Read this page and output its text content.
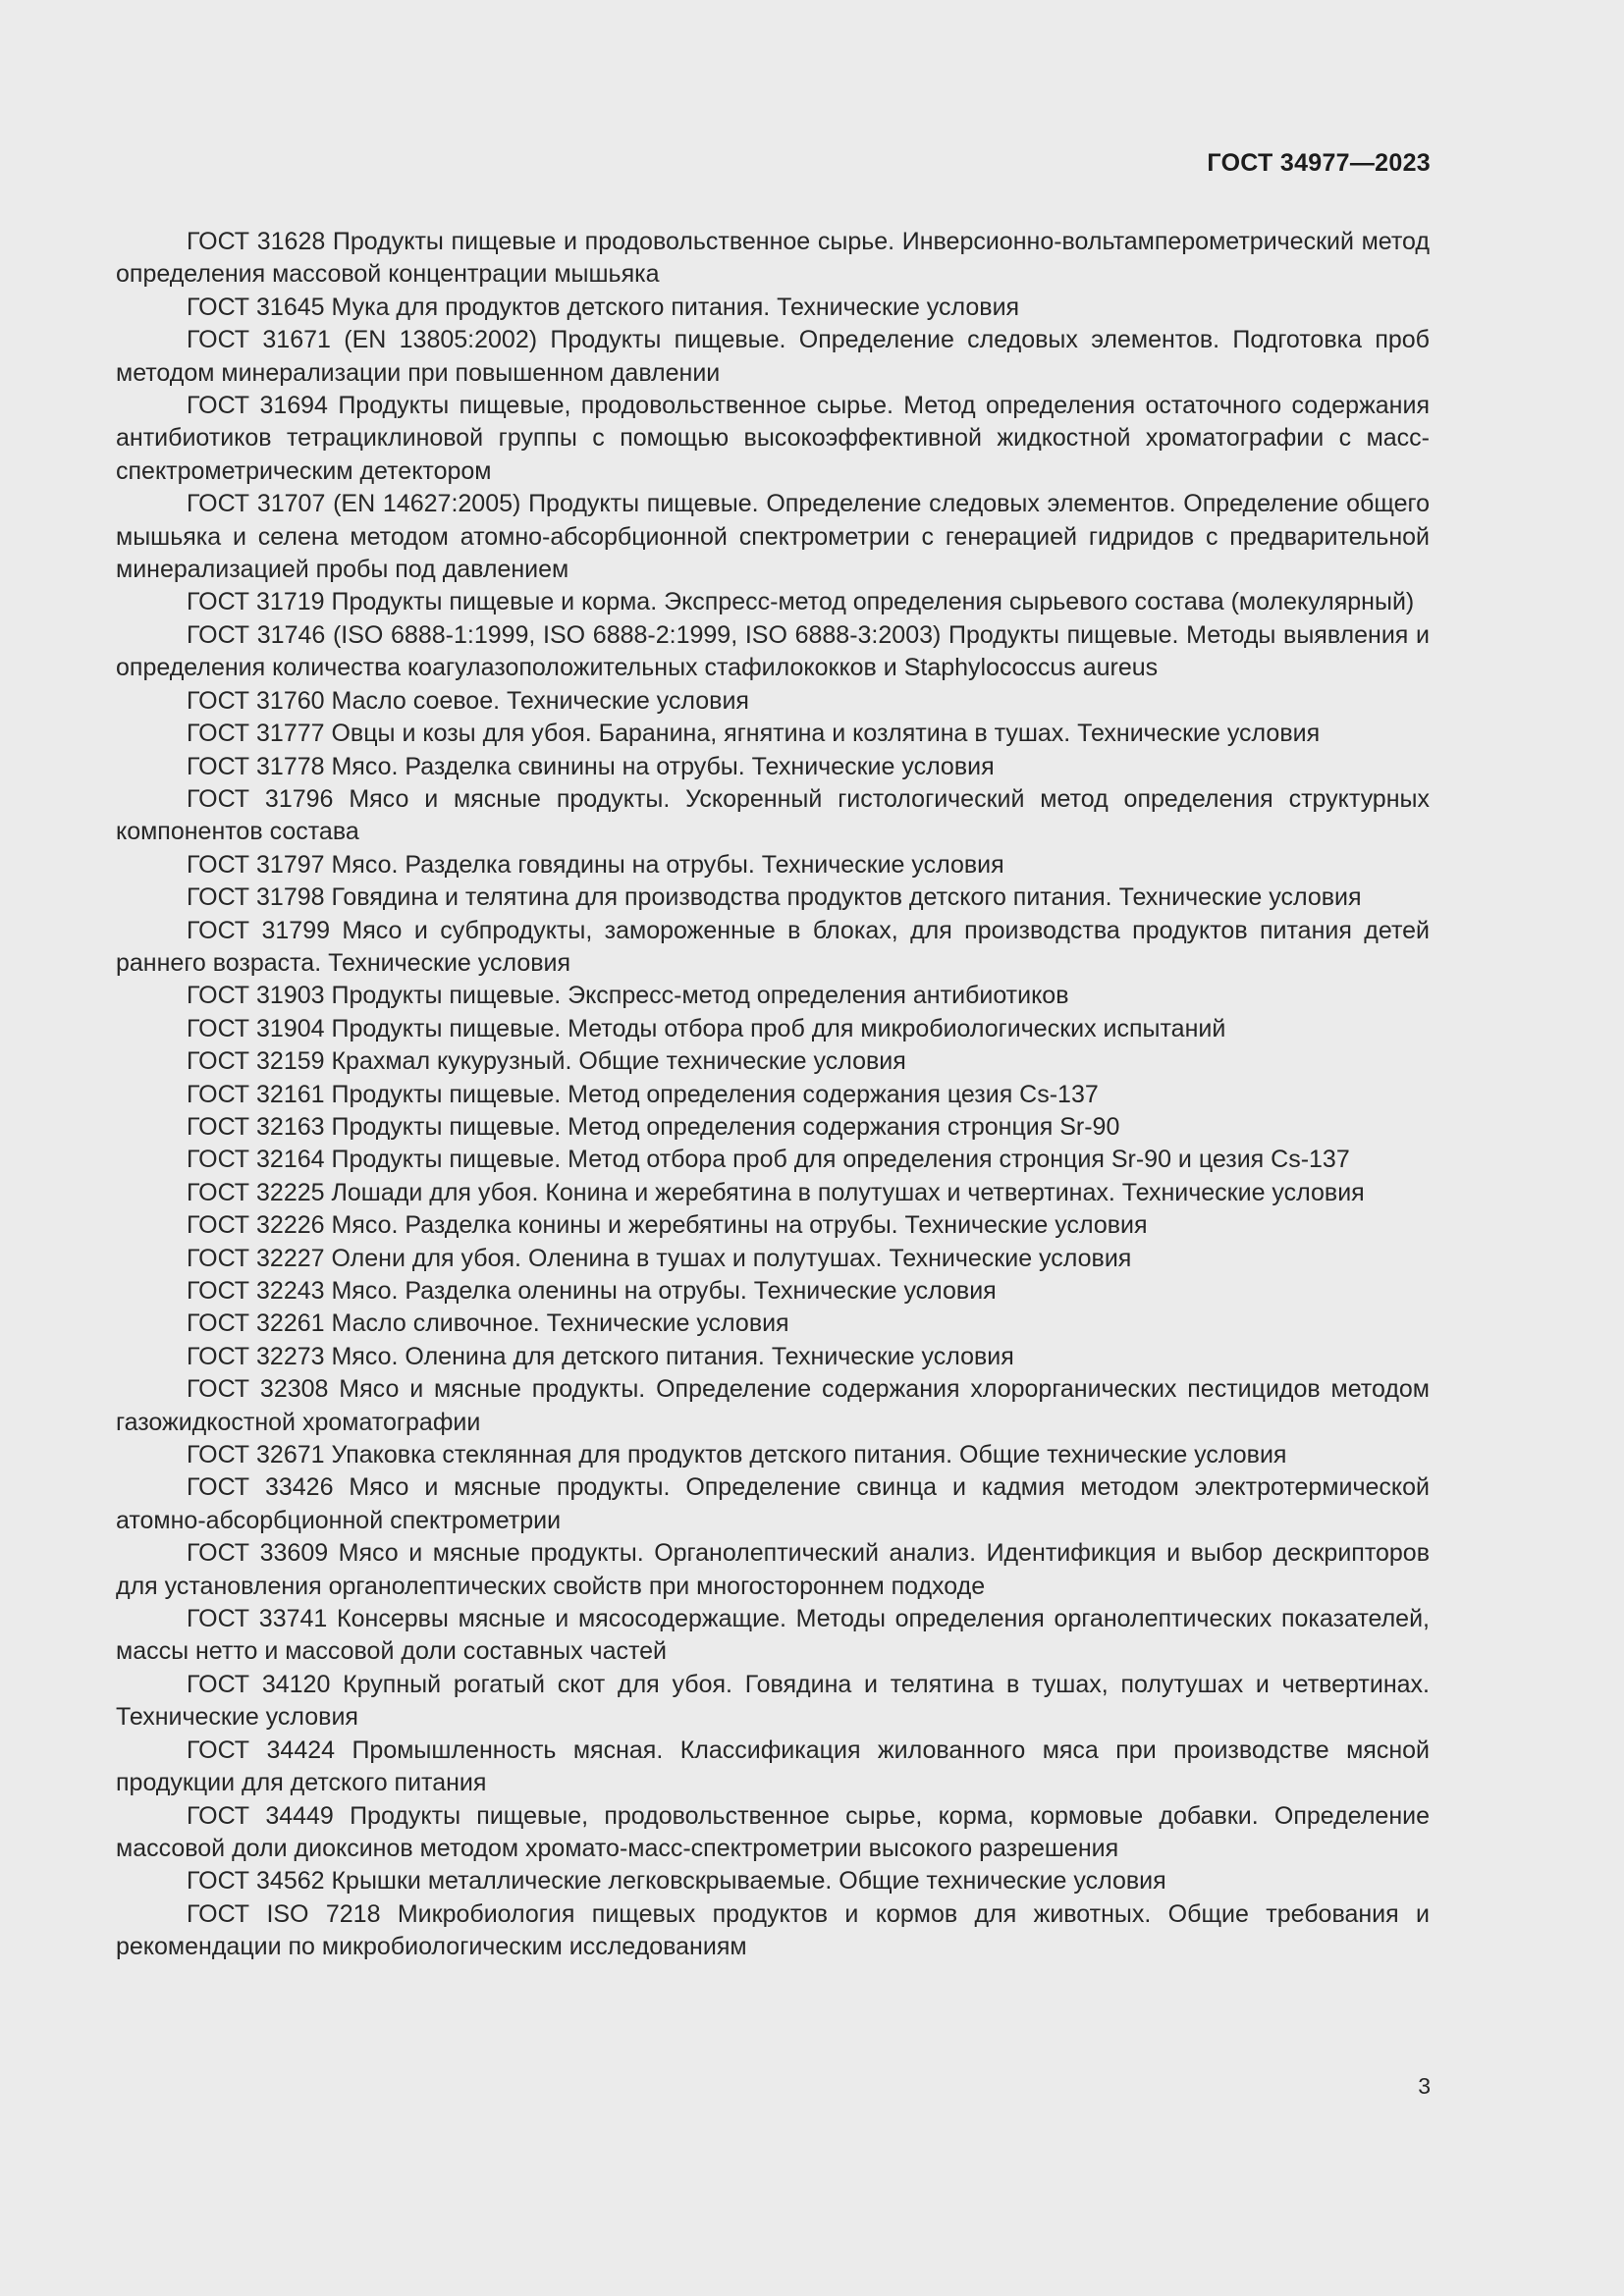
ГОСТ 34977—2023

ГОСТ 31628 Продукты пищевые и продовольственное сырье. Инверсионно-вольтамперометрический метод определения массовой концентрации мышьяка

ГОСТ 31645 Мука для продуктов детского питания. Технические условия

ГОСТ 31671 (EN 13805:2002) Продукты пищевые. Определение следовых элементов. Подготовка проб методом минерализации при повышенном давлении

ГОСТ 31694 Продукты пищевые, продовольственное сырье. Метод определения остаточного содержания антибиотиков тетрациклиновой группы с помощью высокоэффективной жидкостной хроматографии с масс-спектрометрическим детектором

ГОСТ 31707 (EN 14627:2005) Продукты пищевые. Определение следовых элементов. Определение общего мышьяка и селена методом атомно-абсорбционной спектрометрии с генерацией гидридов с предварительной минерализацией пробы под давлением

ГОСТ 31719 Продукты пищевые и корма. Экспресс-метод определения сырьевого состава (молекулярный)

ГОСТ 31746 (ISO 6888-1:1999, ISO 6888-2:1999, ISO 6888-3:2003) Продукты пищевые. Методы выявления и определения количества коагулазоположительных стафилококков и Staphylococcus aureus

ГОСТ 31760 Масло соевое. Технические условия

ГОСТ 31777 Овцы и козы для убоя. Баранина, ягнятина и козлятина в тушах. Технические условия

ГОСТ 31778 Мясо. Разделка свинины на отрубы. Технические условия

ГОСТ 31796 Мясо и мясные продукты. Ускоренный гистологический метод определения структурных компонентов состава

ГОСТ 31797 Мясо. Разделка говядины на отрубы. Технические условия

ГОСТ 31798 Говядина и телятина для производства продуктов детского питания. Технические условия

ГОСТ 31799 Мясо и субпродукты, замороженные в блоках, для производства продуктов питания детей раннего возраста. Технические условия

ГОСТ 31903 Продукты пищевые. Экспресс-метод определения антибиотиков

ГОСТ 31904 Продукты пищевые. Методы отбора проб для микробиологических испытаний

ГОСТ 32159 Крахмал кукурузный. Общие технические условия

ГОСТ 32161 Продукты пищевые. Метод определения содержания цезия Cs-137

ГОСТ 32163 Продукты пищевые. Метод определения содержания стронция Sr-90

ГОСТ 32164 Продукты пищевые. Метод отбора проб для определения стронция Sr-90 и цезия Cs-137

ГОСТ 32225 Лошади для убоя. Конина и жеребятина в полутушах и четвертинах. Технические условия

ГОСТ 32226 Мясо. Разделка конины и жеребятины на отрубы. Технические условия

ГОСТ 32227 Олени для убоя. Оленина в тушах и полутушах. Технические условия

ГОСТ 32243 Мясо. Разделка оленины на отрубы. Технические условия

ГОСТ 32261 Масло сливочное. Технические условия

ГОСТ 32273 Мясо. Оленина для детского питания. Технические условия

ГОСТ 32308 Мясо и мясные продукты. Определение содержания хлорорганических пестицидов методом газожидкостной хроматографии

ГОСТ 32671 Упаковка стеклянная для продуктов детского питания. Общие технические условия

ГОСТ 33426 Мясо и мясные продукты. Определение свинца и кадмия методом электротермической атомно-абсорбционной спектрометрии

ГОСТ 33609 Мясо и мясные продукты. Органолептический анализ. Идентификция и выбор дескрипторов для установления органолептических свойств при многостороннем подходе

ГОСТ 33741 Консервы мясные и мясосодержащие. Методы определения органолептических показателей, массы нетто и массовой доли составных частей

ГОСТ 34120 Крупный рогатый скот для убоя. Говядина и телятина в тушах, полутушах и четвертинах. Технические условия

ГОСТ 34424 Промышленность мясная. Классификация жилованного мяса при производстве мясной продукции для детского питания

ГОСТ 34449 Продукты пищевые, продовольственное сырье, корма, кормовые добавки. Определение массовой доли диоксинов методом хромато-масс-спектрометрии высокого разрешения

ГОСТ 34562 Крышки металлические легковскрываемые. Общие технические условия

ГОСТ ISO 7218 Микробиология пищевых продуктов и кормов для животных. Общие требования и рекомендации по микробиологическим исследованиям

3
